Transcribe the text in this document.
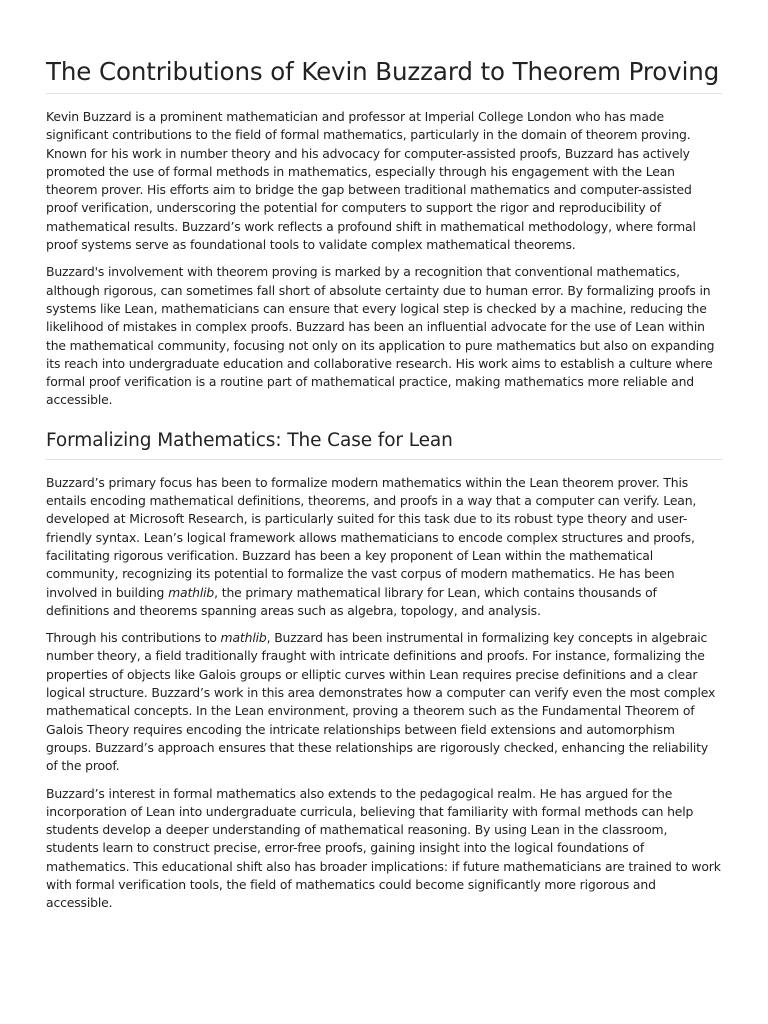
The Contributions of Kevin Buzzard to Theorem Proving

Kevin Buzzard is a prominent mathematician and professor at Imperial College London who has made significant contributions to the field of formal mathematics, particularly in the domain of theorem proving. Known for his work in number theory and his advocacy for computer-assisted proofs, Buzzard has actively promoted the use of formal methods in mathematics, especially through his engagement with the Lean theorem prover. His efforts aim to bridge the gap between traditional mathematics and computer-assisted proof verification, underscoring the potential for computers to support the rigor and reproducibility of mathematical results. Buzzard’s work reflects a profound shift in mathematical methodology, where formal proof systems serve as foundational tools to validate complex mathematical theorems.

Buzzard's involvement with theorem proving is marked by a recognition that conventional mathematics, although rigorous, can sometimes fall short of absolute certainty due to human error. By formalizing proofs in systems like Lean, mathematicians can ensure that every logical step is checked by a machine, reducing the likelihood of mistakes in complex proofs. Buzzard has been an influential advocate for the use of Lean within the mathematical community, focusing not only on its application to pure mathematics but also on expanding its reach into undergraduate education and collaborative research. His work aims to establish a culture where formal proof verification is a routine part of mathematical practice, making mathematics more reliable and accessible.

Formalizing Mathematics: The Case for Lean

Buzzard’s primary focus has been to formalize modern mathematics within the Lean theorem prover. This entails encoding mathematical definitions, theorems, and proofs in a way that a computer can verify. Lean, developed at Microsoft Research, is particularly suited for this task due to its robust type theory and user-friendly syntax. Lean’s logical framework allows mathematicians to encode complex structures and proofs, facilitating rigorous verification. Buzzard has been a key proponent of Lean within the mathematical community, recognizing its potential to formalize the vast corpus of modern mathematics. He has been involved in building mathlib, the primary mathematical library for Lean, which contains thousands of definitions and theorems spanning areas such as algebra, topology, and analysis.

Through his contributions to mathlib, Buzzard has been instrumental in formalizing key concepts in algebraic number theory, a field traditionally fraught with intricate definitions and proofs. For instance, formalizing the properties of objects like Galois groups or elliptic curves within Lean requires precise definitions and a clear logical structure. Buzzard’s work in this area demonstrates how a computer can verify even the most complex mathematical concepts. In the Lean environment, proving a theorem such as the Fundamental Theorem of Galois Theory requires encoding the intricate relationships between field extensions and automorphism groups. Buzzard’s approach ensures that these relationships are rigorously checked, enhancing the reliability of the proof.

Buzzard’s interest in formal mathematics also extends to the pedagogical realm. He has argued for the incorporation of Lean into undergraduate curricula, believing that familiarity with formal methods can help students develop a deeper understanding of mathematical reasoning. By using Lean in the classroom, students learn to construct precise, error-free proofs, gaining insight into the logical foundations of mathematics. This educational shift also has broader implications: if future mathematicians are trained to work with formal verification tools, the field of mathematics could become significantly more rigorous and accessible.
